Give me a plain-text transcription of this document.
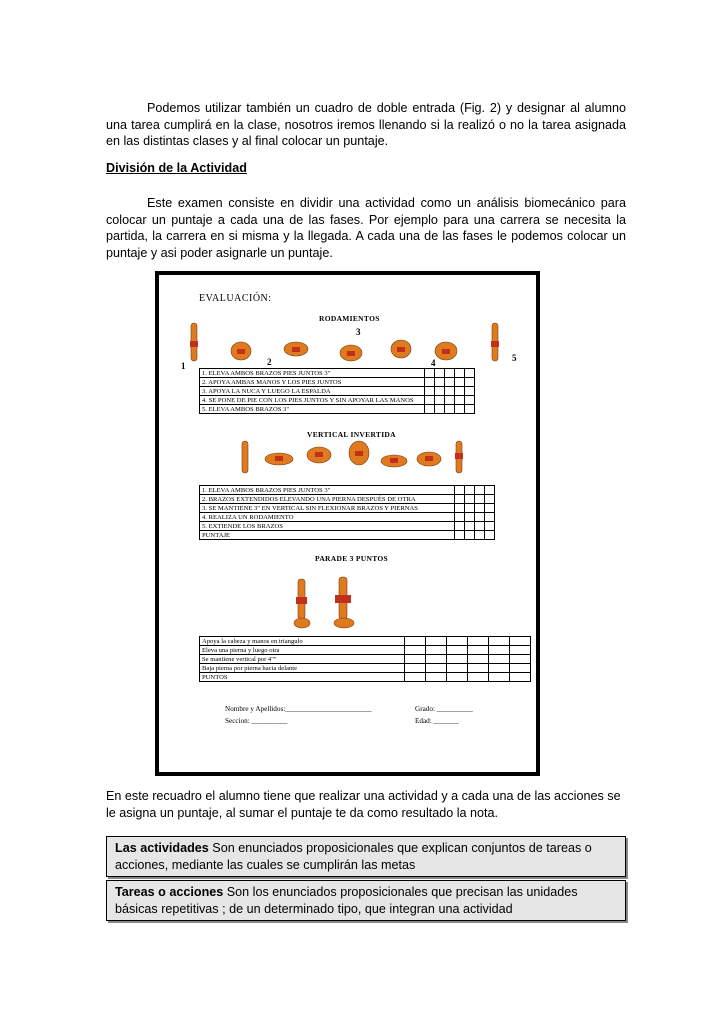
Podemos utilizar también un cuadro de doble entrada (Fig. 2) y designar al alumno una tarea cumplirá en la clase, nosotros iremos llenando si la realizó o no la tarea asignada en las distintas clases y al final colocar un puntaje.
División de la Actividad
Este examen consiste en dividir una actividad como un análisis biomecánico para colocar un puntaje a cada una de las fases. Por ejemplo para una carrera se necesita la partida, la carrera en si misma y la llegada. A cada una de las fases le podemos colocar un puntaje y asi poder asignarle un puntaje.
EVALUACIÓN:
RODAMIENTOS
1	2
3
4	5
1. ELEVA AMBOS BRAZOS PIES JUNTOS 3"					
2. APOYA AMBAS MANOS Y LOS PIES JUNTOS					
3. APOYA LA NUCA Y LUEGO LA ESPALDA					
4. SE PONE DE PIE CON LOS PIES JUNTOS Y SIN APOYAR LAS MANOS					
5. ELEVA AMBOS BRAZOS 3"					
VERTICAL INVERTIDA
1. ELEVA AMBOS BRAZOS PIES JUNTOS 3"				
2. BRAZOS EXTENDIDOS ELEVANDO UNA PIERNA DESPUÉS DE OTRA				
3. SE MANTIENE 3" EN VERTICAL SIN FLEXIONAR BRAZOS Y PIERNAS				
4. REALIZA UN RODAMIENTO				
5. EXTIENDE LOS BRAZOS				
PUNTAJE				
PARADE 3 PUNTOS
Apoya la cabeza y manos en triangulo						
Eleva una pierna y luego otra						
Se mantiene vertical por 4""						
Baja pierna por pierna hacia delante						
PUNTOS						
Nombre y Apellidos:________________________	Grado: __________
Seccion: __________	Edad: _______
En este recuadro el alumno tiene que realizar una actividad y a cada una de las acciones se le asigna un puntaje, al sumar el puntaje te da como resultado la nota.
Las actividades Son enunciados proposicionales que explican conjuntos de tareas o acciones, mediante las cuales se cumplirán las metas
Tareas o acciones Son los enunciados proposicionales que precisan las unidades básicas repetitivas ; de un determinado tipo, que integran una actividad
